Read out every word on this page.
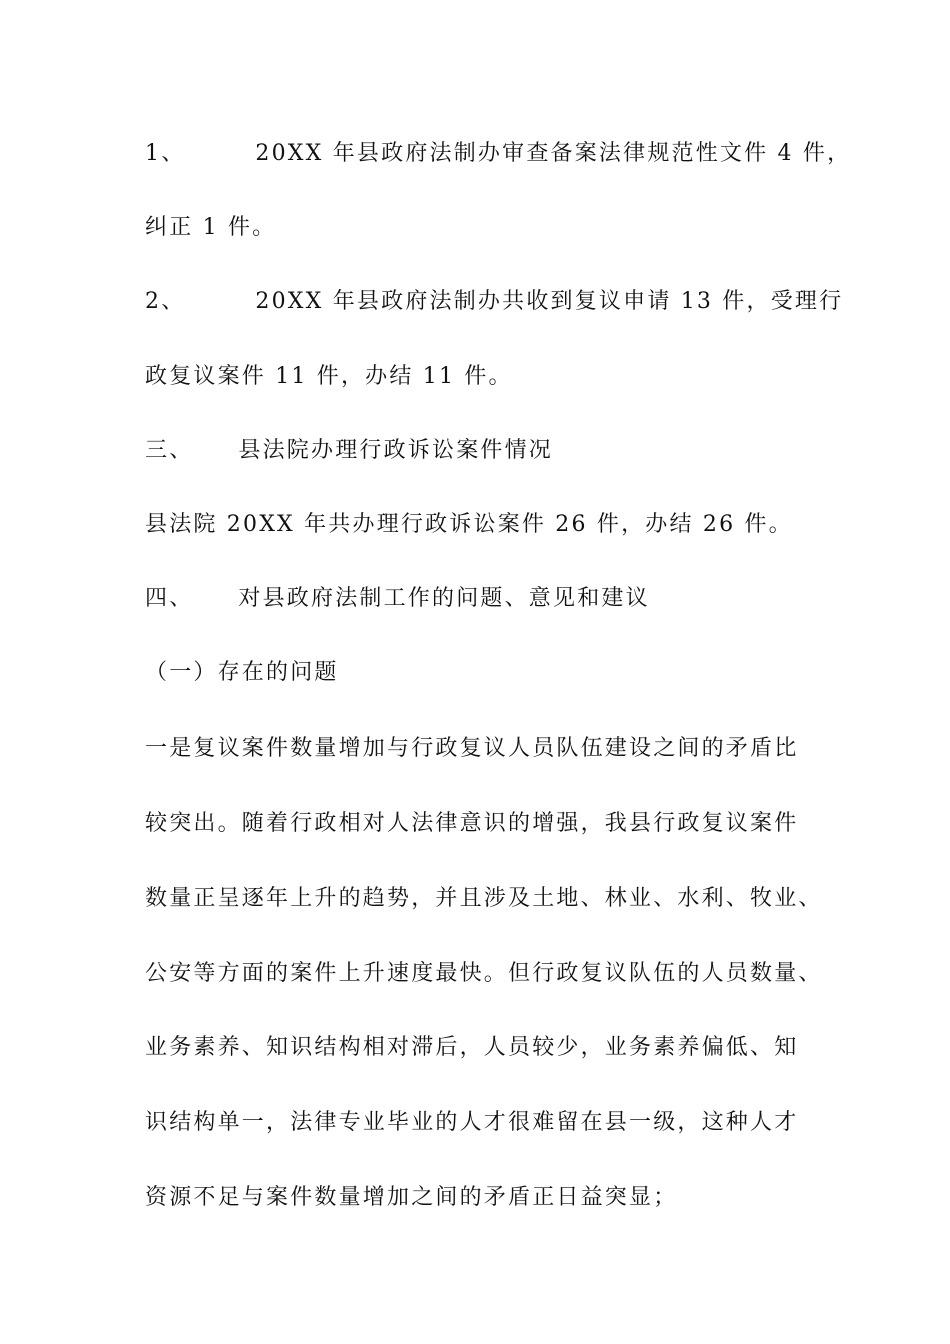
1、	20XX 年县政府法制办审查备案法律规范性文件 4 件，
纠正 1 件。
2、	20XX 年县政府法制办共收到复议申请 13 件，受理行
政复议案件 11 件，办结 11 件。
三、 县法院办理行政诉讼案件情况
县法院 20XX 年共办理行政诉讼案件 26 件，办结 26 件。
四、 对县政府法制工作的问题、意见和建议
（一）存在的问题
一是复议案件数量增加与行政复议人员队伍建设之间的矛盾比
较突出。随着行政相对人法律意识的增强，我县行政复议案件
数量正呈逐年上升的趋势，并且涉及土地、林业、水利、牧业、
公安等方面的案件上升速度最快。但行政复议队伍的人员数量、
业务素养、知识结构相对滞后，人员较少，业务素养偏低、知
识结构单一，法律专业毕业的人才很难留在县一级，这种人才
资源不足与案件数量增加之间的矛盾正日益突显；
